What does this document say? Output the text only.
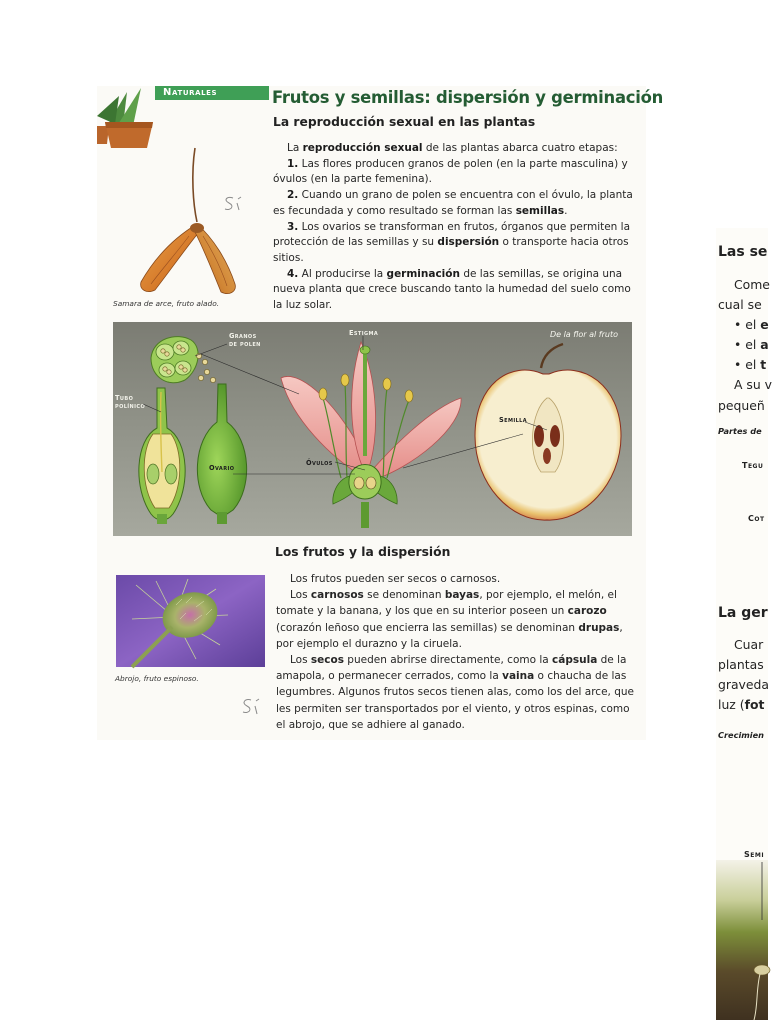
Naturales	Frutos y semillas: dispersión y germinación
La reproducción sexual en las plantas

La reproducción sexual de las plantas abarca cuatro etapas:

1. Las flores producen granos de polen (en la parte masculina) y óvulos (en la parte femenina).

2. Cuando un grano de polen se encuentra con el óvulo, la planta es fecundada y como resultado se forman las semillas.

3. Los ovarios se transforman en frutos, órganos que permiten la protección de las semillas y su dispersión o transporte hacia otros sitios.

4. Al producirse la germinación de las semillas, se origina una nueva planta que crece buscando tanto la humedad del suelo como la luz solar.

Samara de arce, fruto alado.
De la flor al fruto
Granos
de polen
Tubo
polínico
Ovario
Estigma
Óvulos
Semilla
Los frutos y la dispersión
Abrojo, fruto espinoso.

Los frutos pueden ser secos o carnosos.

Los carnosos se denominan bayas, por ejemplo, el melón, el tomate y la banana, y los que en su interior poseen un carozo (corazón leñoso que encierra las semillas) se denominan drupas, por ejemplo el durazno y la ciruela.

Los secos pueden abrirse directamente, como la cápsula de la amapola, o permanecer cerrados, como la vaina o chaucha de las legumbres. Algunos frutos secos tienen alas, como los del arce, que les permiten ser transportados por el viento, y otros espinas, como el abrojo, que se adhiere al ganado.

Las se
Come
cual se
• el e
• el a
• el t
A su v
pequeñ
Partes de
Tegu
Cot
La ger
Cuar
plantas
graveda
luz (fot
Crecimien
Semi
